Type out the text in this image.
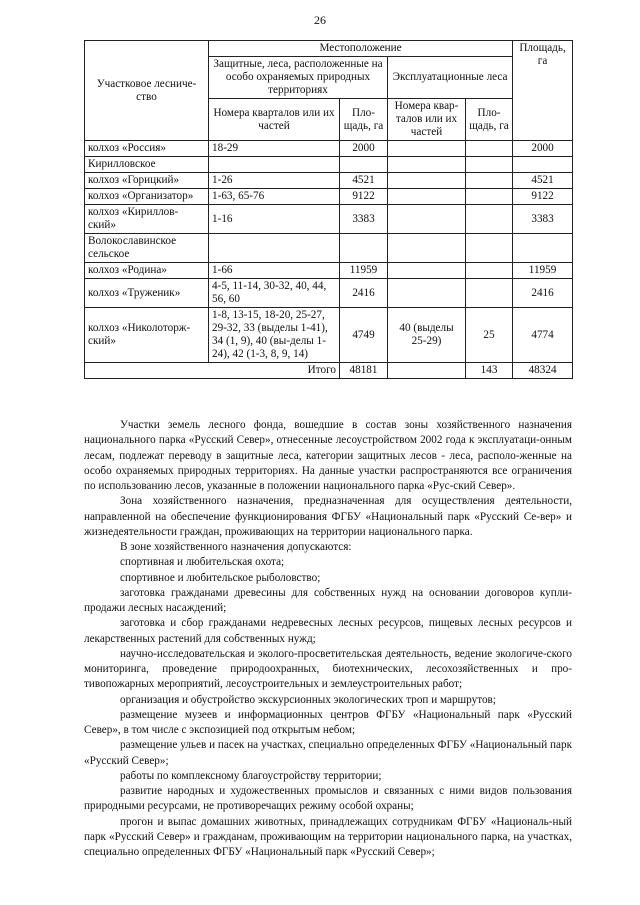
26
Участковое лесниче-ство	Местоположение				Площадь, га
	Защитные, леса, расположенные на особо охраняемых природных территориях		Эксплуатационные леса		
	Номера кварталов или их частей	Пло-щадь, га	Номера квар-талов или их частей	Пло-щадь, га	
колхоз «Россия»	18-29	2000			2000
Кирилловское					
колхоз «Горицкий»	1-26	4521			4521
колхоз «Организатор»	1-63, 65-76	9122			9122
колхоз «Кириллов-ский»	1-16	3383			3383
Волокославинское сельское					
колхоз «Родина»	1-66	11959			11959
колхоз «Труженик»	4-5, 11-14, 30-32, 40, 44, 56, 60	2416			2416
колхоз «Николоторж-ский»	1-8, 13-15, 18-20, 25-27, 29-32, 33 (выделы 1-41), 34 (1, 9), 40 (вы-делы 1-24), 42 (1-3, 8, 9, 14)	4749	40 (выделы 25-29)	25	4774
Итого		48181		143	48324

Участки земель лесного фонда, вошедшие в состав зоны хозяйственного назначения национального парка «Русский Север», отнесенные лесоустройством 2002 года к эксплуатаци-онным лесам, подлежат переводу в защитные леса, категории защитных лесов - леса, располо-женные на особо охраняемых природных территориях. На данные участки распространяются все ограничения по использованию лесов, указанные в положении национального парка «Рус-ский Север».

Зона хозяйственного назначения, предназначенная для осуществления деятельности, направленной на обеспечение функционирования ФГБУ «Национальный парк «Русский Се-вер» и жизнедеятельности граждан, проживающих на территории национального парка.

В зоне хозяйственного назначения допускаются:

спортивная и любительская охота;

спортивное и любительское рыболовство;

заготовка гражданами древесины для собственных нужд на основании договоров купли-продажи лесных насаждений;

заготовка и сбор гражданами недревесных лесных ресурсов, пищевых лесных ресурсов и лекарственных растений для собственных нужд;

научно-исследовательская и эколого-просветительская деятельность, ведение экологиче-ского мониторинга, проведение природоохранных, биотехнических, лесохозяйственных и про-тивопожарных мероприятий, лесоустроительных и землеустроительных работ;

организация и обустройство экскурсионных экологических троп и маршрутов;

размещение музеев и информационных центров ФГБУ «Национальный парк «Русский Север», в том числе с экспозицией под открытым небом;

размещение ульев и пасек на участках, специально определенных ФГБУ «Национальный парк «Русский Север»;

работы по комплексному благоустройству территории;

развитие народных и художественных промыслов и связанных с ними видов пользования природными ресурсами, не противоречащих режиму особой охраны;

прогон и выпас домашних животных, принадлежащих сотрудникам ФГБУ «Националь-ный парк «Русский Север» и гражданам, проживающим на территории национального парка, на участках, специально определенных ФГБУ «Национальный парк «Русский Север»;
